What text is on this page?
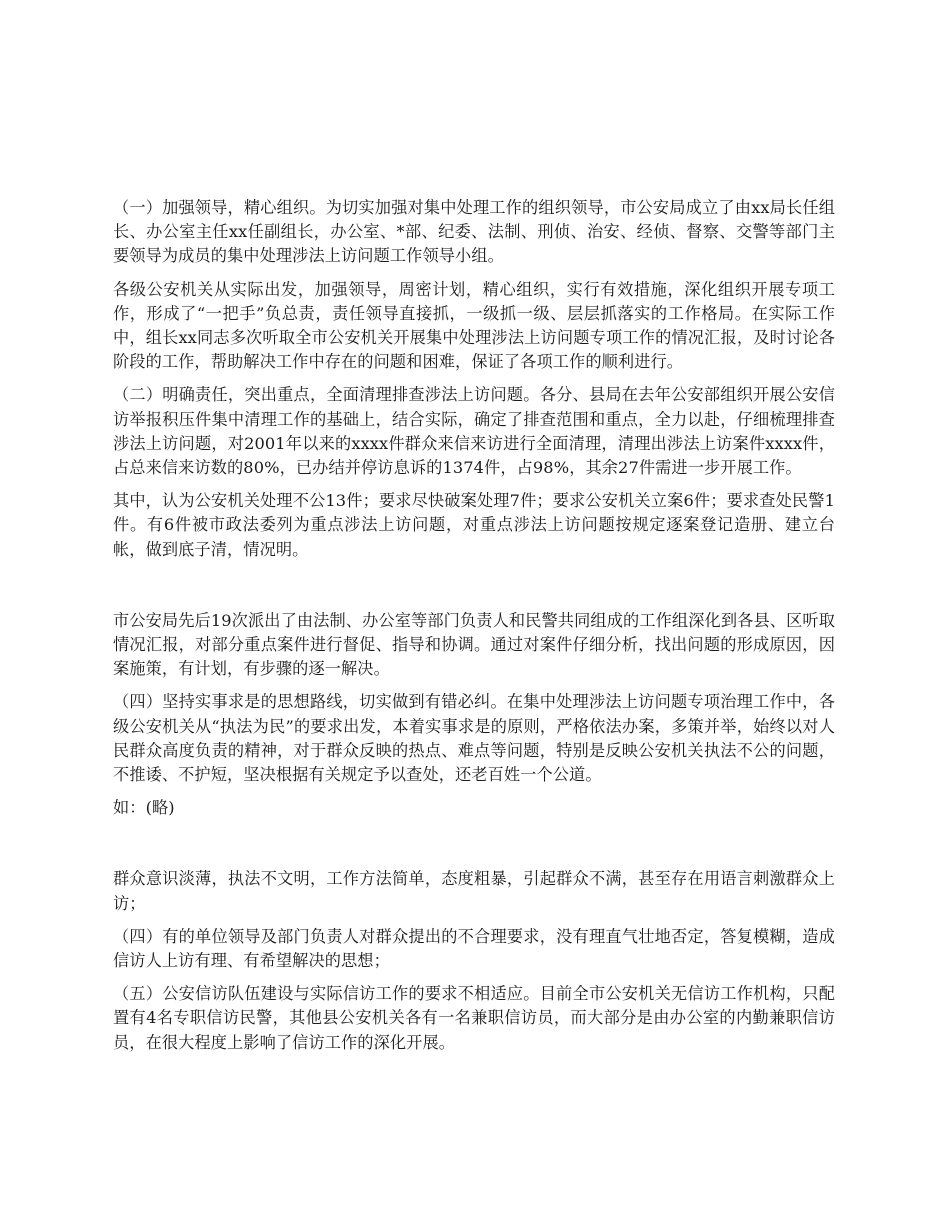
（一）加强领导，精心组织。为切实加强对集中处理工作的组织领导，市公安局成立了由xx局长任组长、办公室主任xx任副组长，办公室、*部、纪委、法制、刑侦、治安、经侦、督察、交警等部门主要领导为成员的集中处理涉法上访问题工作领导小组。

各级公安机关从实际出发，加强领导，周密计划，精心组织，实行有效措施，深化组织开展专项工作，形成了“一把手”负总责，责任领导直接抓，一级抓一级、层层抓落实的工作格局。在实际工作中，组长xx同志多次听取全市公安机关开展集中处理涉法上访问题专项工作的情况汇报，及时讨论各阶段的工作，帮助解决工作中存在的问题和困难，保证了各项工作的顺利进行。

（二）明确责任，突出重点，全面清理排查涉法上访问题。各分、县局在去年公安部组织开展公安信访举报积压件集中清理工作的基础上，结合实际，确定了排查范围和重点，全力以赴，仔细梳理排查涉法上访问题，对2001年以来的xxxx件群众来信来访进行全面清理，清理出涉法上访案件xxxx件，占总来信来访数的80%，已办结并停访息诉的1374件，占98%，其余27件需进一步开展工作。

其中，认为公安机关处理不公13件；要求尽快破案处理7件；要求公安机关立案6件；要求查处民警1件。有6件被市政法委列为重点涉法上访问题，对重点涉法上访问题按规定逐案登记造册、建立台帐，做到底子清，情况明。

市公安局先后19次派出了由法制、办公室等部门负责人和民警共同组成的工作组深化到各县、区听取情况汇报，对部分重点案件进行督促、指导和协调。通过对案件仔细分析，找出问题的形成原因，因案施策，有计划，有步骤的逐一解决。

（四）坚持实事求是的思想路线，切实做到有错必纠。在集中处理涉法上访问题专项治理工作中，各级公安机关从“执法为民”的要求出发，本着实事求是的原则，严格依法办案，多策并举，始终以对人民群众高度负责的精神，对于群众反映的热点、难点等问题，特别是反映公安机关执法不公的问题，不推诿、不护短，坚决根据有关规定予以查处，还老百姓一个公道。

如：(略)

群众意识淡薄，执法不文明，工作方法简单，态度粗暴，引起群众不满，甚至存在用语言刺激群众上访；

（四）有的单位领导及部门负责人对群众提出的不合理要求，没有理直气壮地否定，答复模糊，造成信访人上访有理、有希望解决的思想；

（五）公安信访队伍建设与实际信访工作的要求不相适应。目前全市公安机关无信访工作机构，只配置有4名专职信访民警，其他县公安机关各有一名兼职信访员，而大部分是由办公室的内勤兼职信访员，在很大程度上影响了信访工作的深化开展。
